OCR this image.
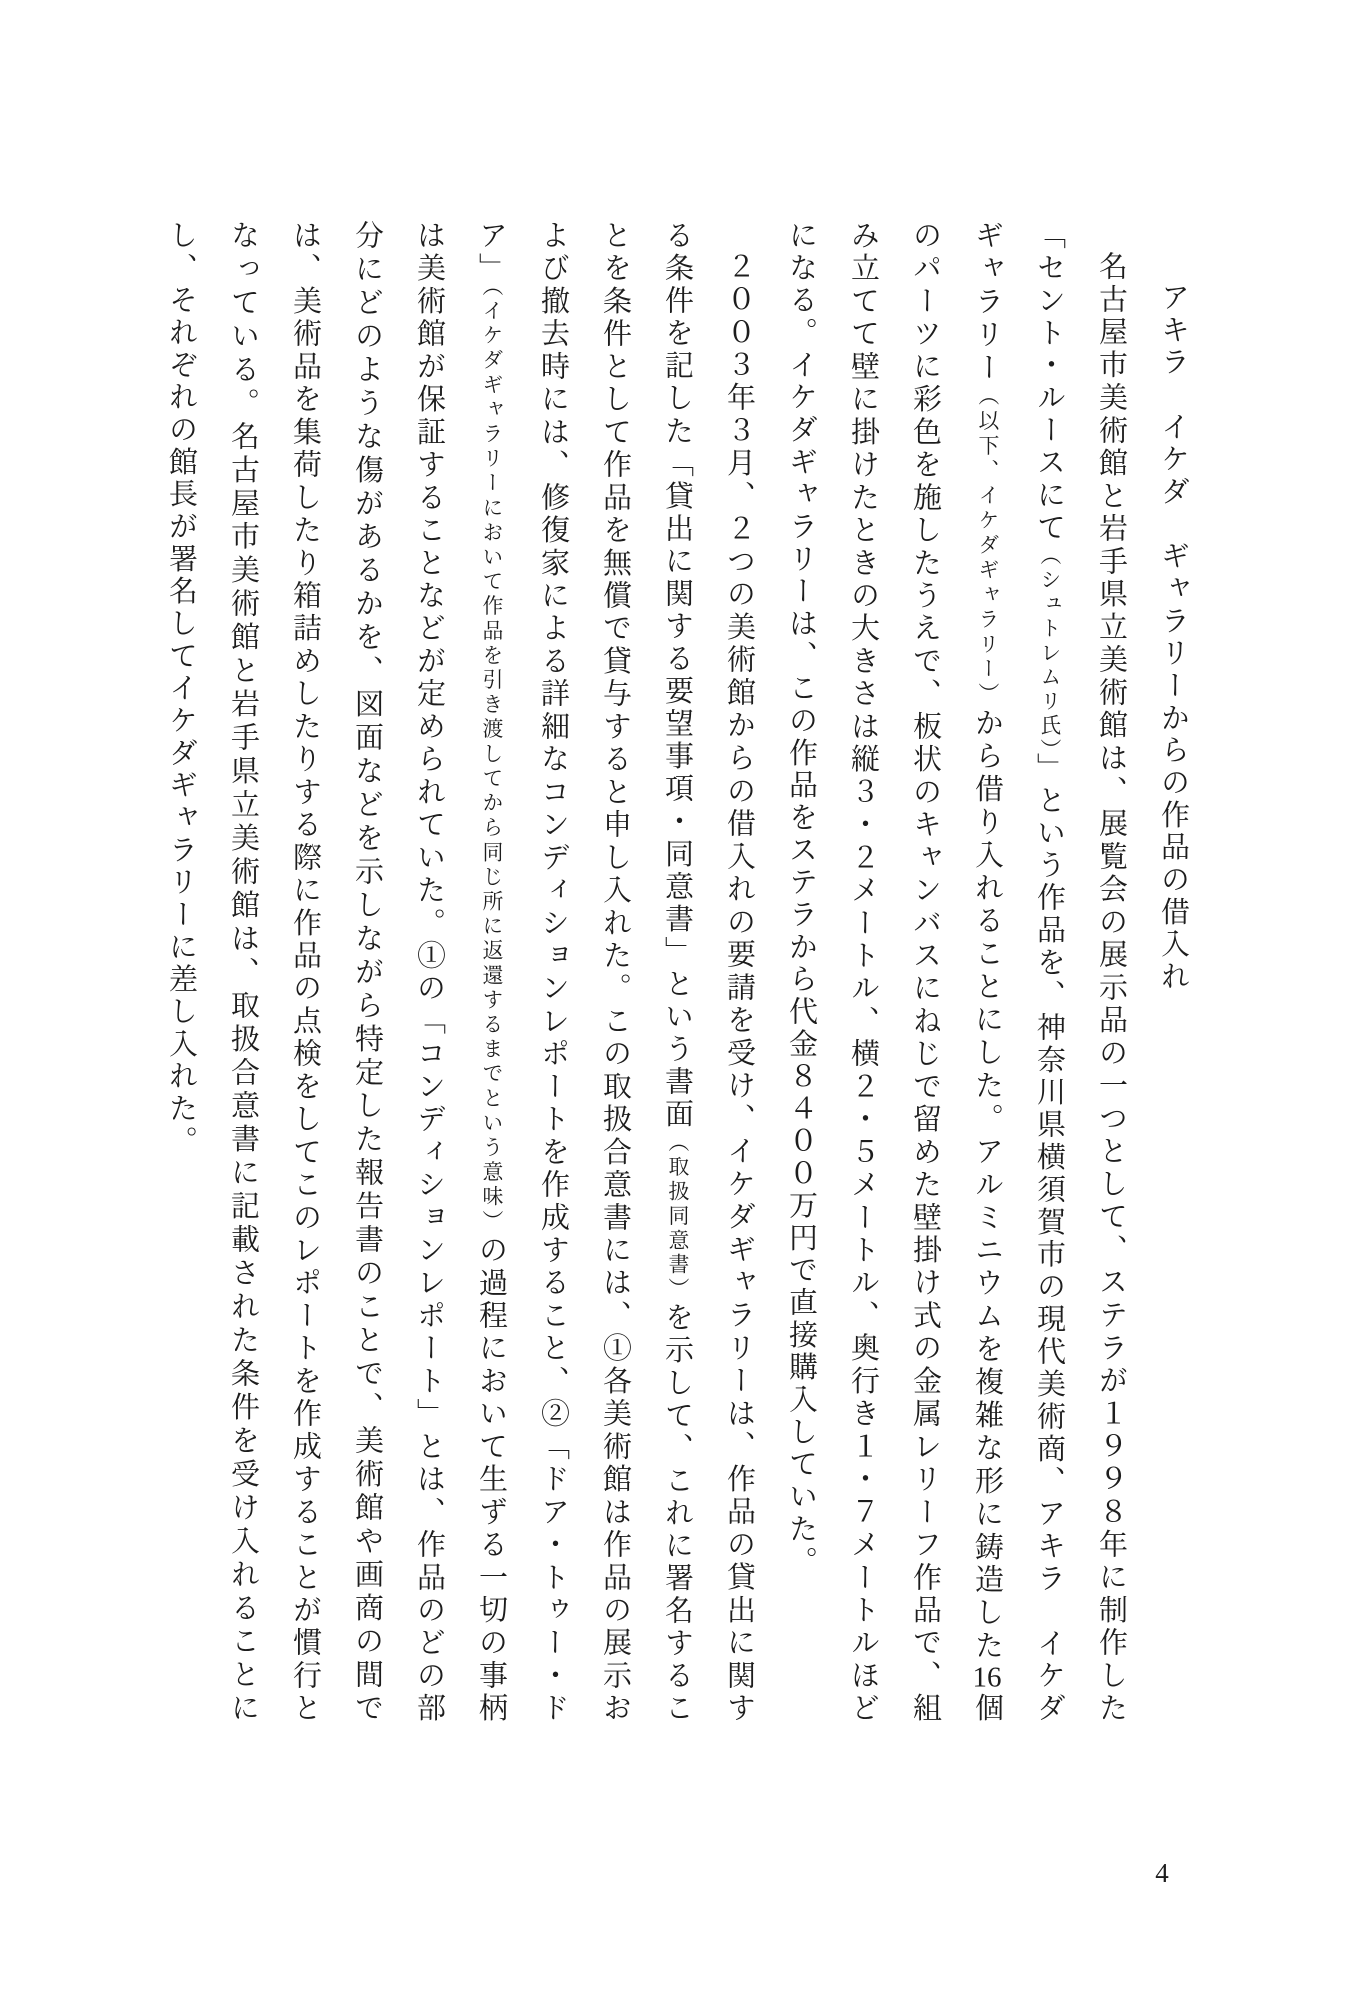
アキラ　イケダ　ギャラリーからの作品の借入れ

名古屋市美術館と岩手県立美術館は、展覧会の展示品の一つとして、ステラが１９９８年に制作した「セント・ルースにて（シュトレムリ氏）」という作品を、神奈川県横須賀市の現代美術商、アキラ　イケダ　ギャラリー（以下、イケダギャラリー）から借り入れることにした。アルミニウムを複雑な形に鋳造した16個のパーツに彩色を施したうえで、板状のキャンバスにねじで留めた壁掛け式の金属レリーフ作品で、組み立てて壁に掛けたときの大きさは縦３・２メートル、横２・５メートル、奥行き１・７メートルほどになる。イケダギャラリーは、この作品をステラから代金８４００万円で直接購入していた。

２００３年３月、２つの美術館からの借入れの要請を受け、イケダギャラリーは、作品の貸出に関する条件を記した「貸出に関する要望事項・同意書」という書面（取扱同意書）を示して、これに署名することを条件として作品を無償で貸与すると申し入れた。この取扱合意書には、①各美術館は作品の展示および撤去時には、修復家による詳細なコンディションレポートを作成すること、②「ドア・トゥー・ドア」（イケダギャラリーにおいて作品を引き渡してから同じ所に返還するまでという意味）の過程において生ずる一切の事柄は美術館が保証することなどが定められていた。①の「コンディションレポート」とは、作品のどの部分にどのような傷があるかを、図面などを示しながら特定した報告書のことで、美術館や画商の間では、美術品を集荷したり箱詰めしたりする際に作品の点検をしてこのレポートを作成することが慣行となっている。名古屋市美術館と岩手県立美術館は、取扱合意書に記載された条件を受け入れることにし、それぞれの館長が署名してイケダギャラリーに差し入れた。

4
